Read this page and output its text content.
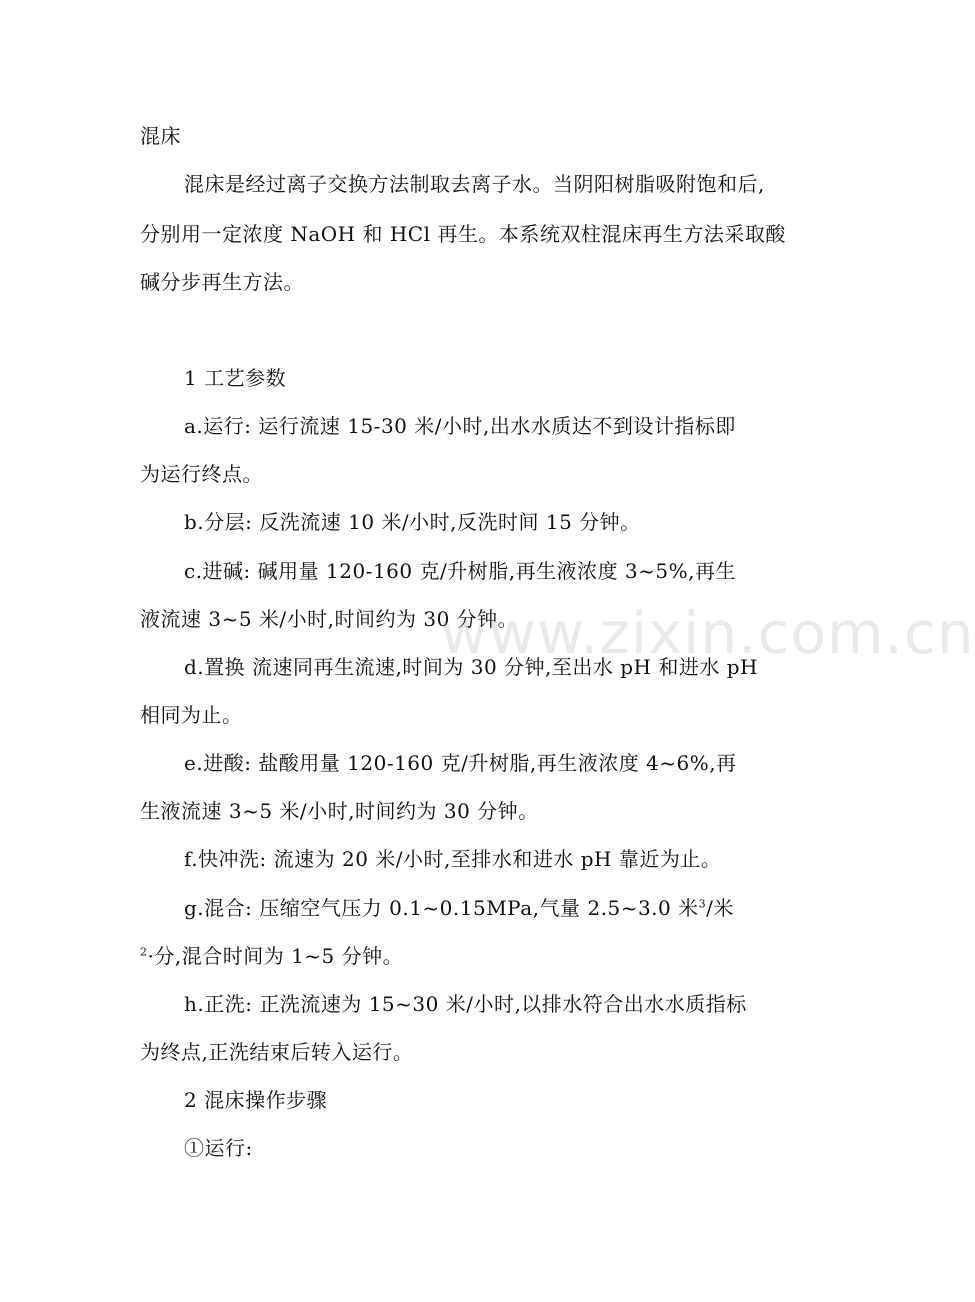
混床
混床是经过离子交换方法制取去离子水。当阴阳树脂吸附饱和后,
分别用一定浓度 NaOH 和 HCl 再生。本系统双柱混床再生方法采取酸
碱分步再生方法。
1 工艺参数
a.运行: 运行流速 15-30 米/小时,出水水质达不到设计指标即
为运行终点。
b.分层: 反洗流速 10 米/小时,反洗时间 15 分钟。
c.进碱: 碱用量 120-160 克/升树脂,再生液浓度 3~5%,再生
液流速 3~5 米/小时,时间约为 30 分钟。
d.置换 流速同再生流速,时间为 30 分钟,至出水 pH 和进水 pH
相同为止。
e.进酸: 盐酸用量 120-160 克/升树脂,再生液浓度 4~6%,再
生液流速 3~5 米/小时,时间约为 30 分钟。
f.快冲洗: 流速为 20 米/小时,至排水和进水 pH 靠近为止。
g.混合: 压缩空气压力 0.1~0.15MPa,气量 2.5~3.0 米$^3$/米
$^2$·分,混合时间为 1~5 分钟。
h.正洗: 正洗流速为 15~30 米/小时,以排水符合出水水质指标
为终点,正洗结束后转入运行。
2 混床操作步骤
①运行:
www.zixin.com.cn
